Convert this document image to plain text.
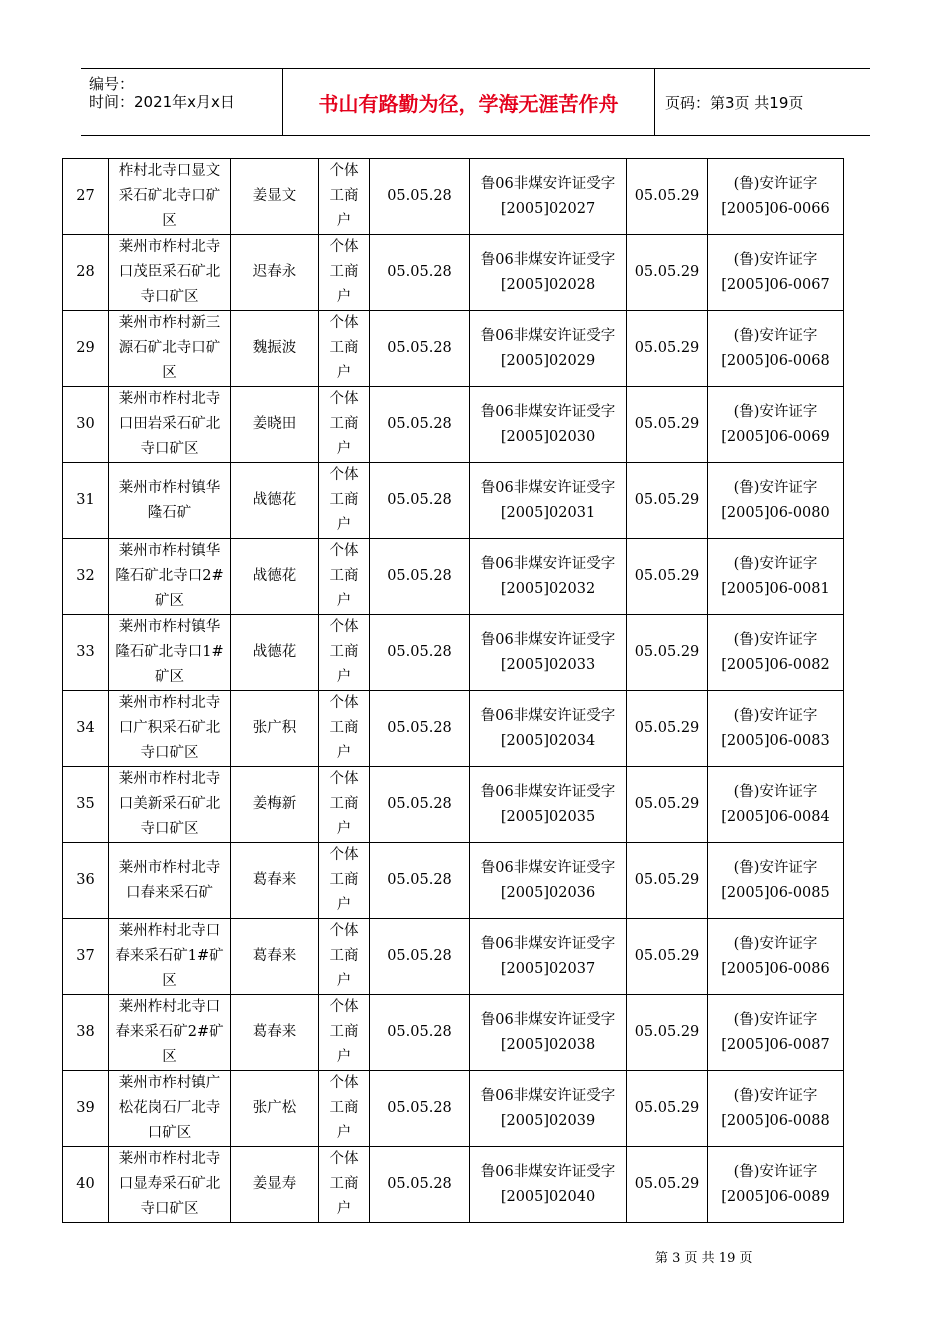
编号：
时间：2021年x月x日	书山有路勤为径，学海无涯苦作舟	页码：第3页 共19页
27	柞村北寺口显文采石矿北寺口矿区	姜显文	个体工商户	05.05.28	鲁06非煤安许证受字[2005]02027	05.05.29	(鲁)安许证字[2005]06-0066
28	莱州市柞村北寺口茂臣采石矿北寺口矿区	迟春永	个体工商户	05.05.28	鲁06非煤安许证受字[2005]02028	05.05.29	(鲁)安许证字[2005]06-0067
29	莱州市柞村新三源石矿北寺口矿区	魏振波	个体工商户	05.05.28	鲁06非煤安许证受字[2005]02029	05.05.29	(鲁)安许证字[2005]06-0068
30	莱州市柞村北寺口田岩采石矿北寺口矿区	姜晓田	个体工商户	05.05.28	鲁06非煤安许证受字[2005]02030	05.05.29	(鲁)安许证字[2005]06-0069
31	莱州市柞村镇华隆石矿	战德花	个体工商户	05.05.28	鲁06非煤安许证受字[2005]02031	05.05.29	(鲁)安许证字[2005]06-0080
32	莱州市柞村镇华隆石矿北寺口2#矿区	战德花	个体工商户	05.05.28	鲁06非煤安许证受字[2005]02032	05.05.29	(鲁)安许证字[2005]06-0081
33	莱州市柞村镇华隆石矿北寺口1#矿区	战德花	个体工商户	05.05.28	鲁06非煤安许证受字[2005]02033	05.05.29	(鲁)安许证字[2005]06-0082
34	莱州市柞村北寺口广积采石矿北寺口矿区	张广积	个体工商户	05.05.28	鲁06非煤安许证受字[2005]02034	05.05.29	(鲁)安许证字[2005]06-0083
35	莱州市柞村北寺口美新采石矿北寺口矿区	姜梅新	个体工商户	05.05.28	鲁06非煤安许证受字[2005]02035	05.05.29	(鲁)安许证字[2005]06-0084
36	莱州市柞村北寺口春来采石矿	葛春来	个体工商户	05.05.28	鲁06非煤安许证受字[2005]02036	05.05.29	(鲁)安许证字[2005]06-0085
37	莱州柞村北寺口春来采石矿1#矿区	葛春来	个体工商户	05.05.28	鲁06非煤安许证受字[2005]02037	05.05.29	(鲁)安许证字[2005]06-0086
38	莱州柞村北寺口春来采石矿2#矿区	葛春来	个体工商户	05.05.28	鲁06非煤安许证受字[2005]02038	05.05.29	(鲁)安许证字[2005]06-0087
39	莱州市柞村镇广松花岗石厂北寺口矿区	张广松	个体工商户	05.05.28	鲁06非煤安许证受字[2005]02039	05.05.29	(鲁)安许证字[2005]06-0088
40	莱州市柞村北寺口显寿采石矿北寺口矿区	姜显寿	个体工商户	05.05.28	鲁06非煤安许证受字[2005]02040	05.05.29	(鲁)安许证字[2005]06-0089
第 3 页 共 19 页
